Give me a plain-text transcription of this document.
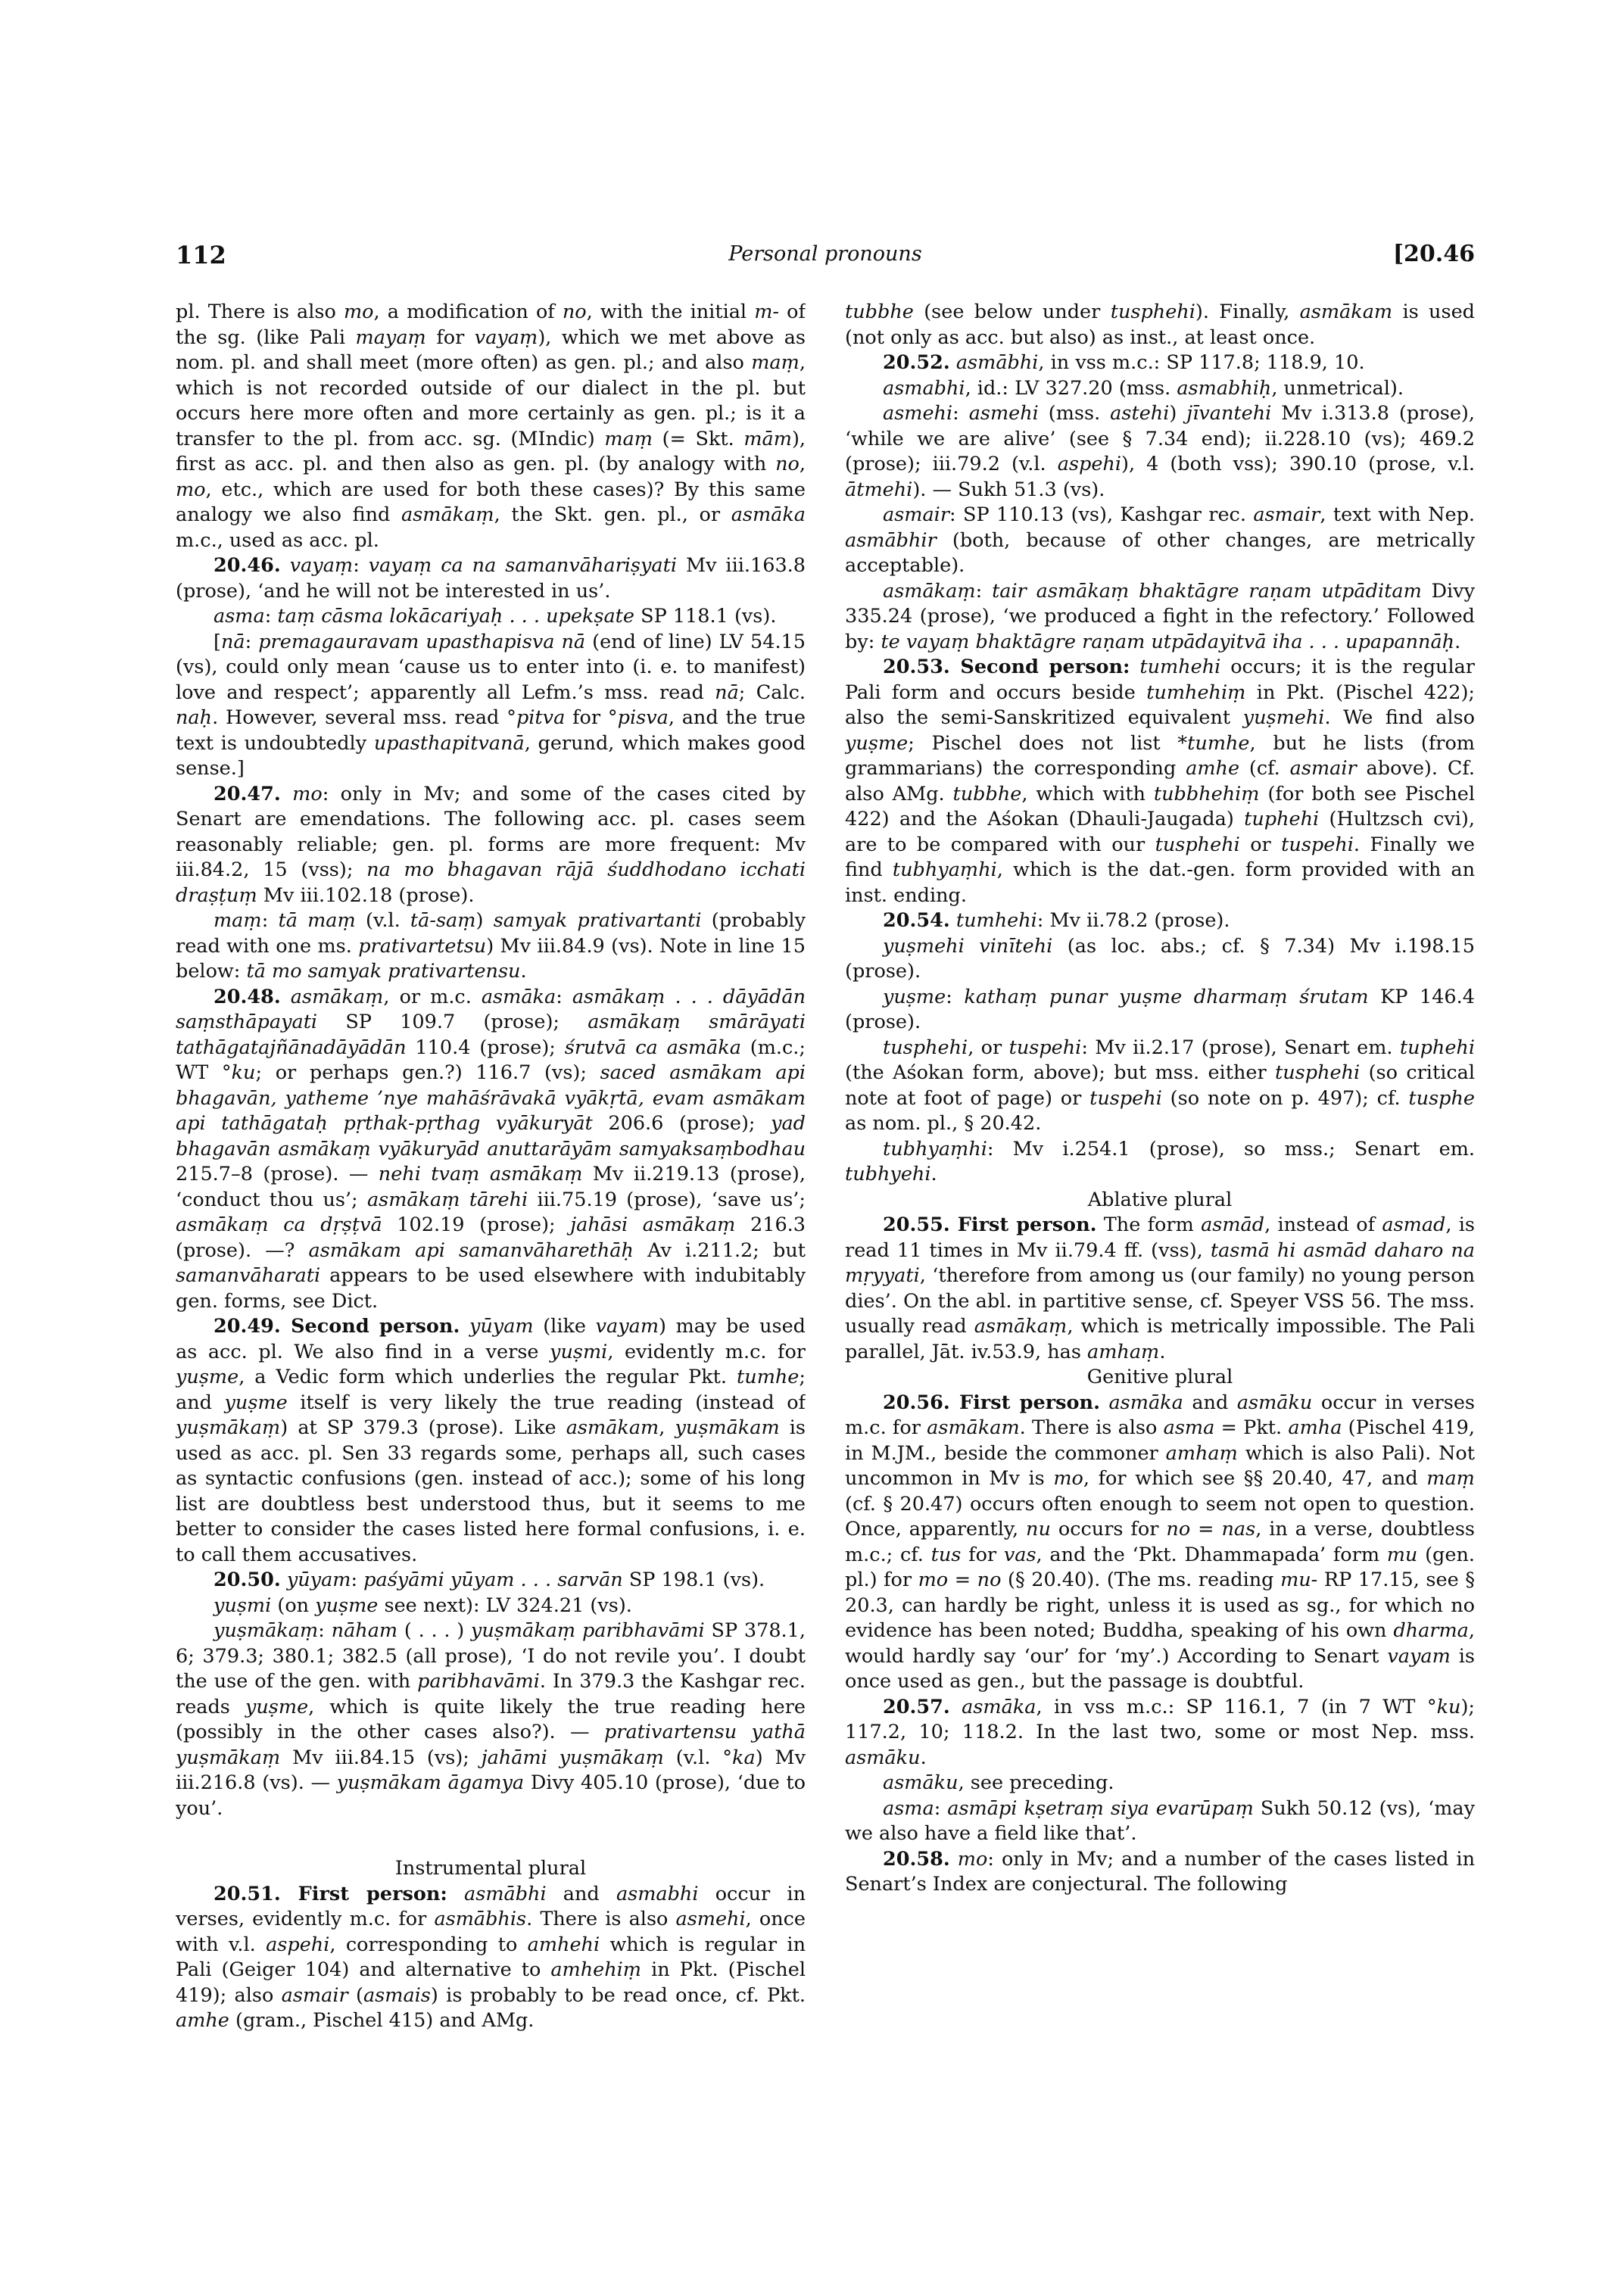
112	Personal pronouns	[20.46

pl. There is also mo, a modification of no, with the initial m- of the sg. (like Pali mayaṃ for vayaṃ), which we met above as nom. pl. and shall meet (more often) as gen. pl.; and also maṃ, which is not recorded outside of our dialect in the pl. but occurs here more often and more certainly as gen. pl.; is it a transfer to the pl. from acc. sg. (MIndic) maṃ (= Skt. mām), first as acc. pl. and then also as gen. pl. (by analogy with no, mo, etc., which are used for both these cases)? By this same analogy we also find asmākaṃ, the Skt. gen. pl., or asmāka m.c., used as acc. pl.

20.46. vayaṃ: vayaṃ ca na samanvāhariṣyati Mv iii.163.8 (prose), ‘and he will not be interested in us’.

asma: taṃ cāsma lokācariyaḥ . . . upekṣate SP 118.1 (vs).

[nā: premagauravam upasthapisva nā (end of line) LV 54.15 (vs), could only mean ‘cause us to enter into (i. e. to manifest) love and respect’; apparently all Lefm.’s mss. read nā; Calc. naḥ. However, several mss. read °pitva for °pisva, and the true text is undoubtedly upasthapitvanā, gerund, which makes good sense.]

20.47. mo: only in Mv; and some of the cases cited by Senart are emendations. The following acc. pl. cases seem reasonably reliable; gen. pl. forms are more frequent: Mv iii.84.2, 15 (vss); na mo bhagavan rājā śuddhodano icchati draṣṭuṃ Mv iii.102.18 (prose).

maṃ: tā maṃ (v.l. tā-saṃ) samyak prativartanti (probably read with one ms. prativartetsu) Mv iii.84.9 (vs). Note in line 15 below: tā mo samyak prativartensu.

20.48. asmākaṃ, or m.c. asmāka: asmākaṃ . . . dāyādān saṃsthāpayati SP 109.7 (prose); asmākaṃ smārāyati tathāgatajñānadāyādān 110.4 (prose); śrutvā ca asmāka (m.c.; WT °ku; or perhaps gen.?) 116.7 (vs); saced asmākam api bhagavān, yatheme ’nye mahāśrāvakā vyākṛtā, evam asmākam api tathāgataḥ pṛthak-pṛthag vyākuryāt 206.6 (prose); yad bhagavān asmākaṃ vyākuryād anuttarāyām samyaksaṃbodhau 215.7–8 (prose). — nehi tvaṃ asmākaṃ Mv ii.219.13 (prose), ‘conduct thou us’; asmākaṃ tārehi iii.75.19 (prose), ‘save us’; asmākaṃ ca dṛṣṭvā 102.19 (prose); jahāsi asmākaṃ 216.3 (prose). —? asmākam api samanvāharethāḥ Av i.211.2; but samanvāharati appears to be used elsewhere with indubitably gen. forms, see Dict.

20.49. Second person. yūyam (like vayam) may be used as acc. pl. We also find in a verse yuṣmi, evidently m.c. for yuṣme, a Vedic form which underlies the regular Pkt. tumhe; and yuṣme itself is very likely the true reading (instead of yuṣmākaṃ) at SP 379.3 (prose). Like asmākam, yuṣmākam is used as acc. pl. Sen 33 regards some, perhaps all, such cases as syntactic confusions (gen. instead of acc.); some of his long list are doubtless best understood thus, but it seems to me better to consider the cases listed here formal confusions, i. e. to call them accusatives.

20.50. yūyam: paśyāmi yūyam . . . sarvān SP 198.1 (vs).

yuṣmi (on yuṣme see next): LV 324.21 (vs).

yuṣmākaṃ: nāham ( . . . ) yuṣmākaṃ paribhavāmi SP 378.1, 6; 379.3; 380.1; 382.5 (all prose), ‘I do not revile you’. I doubt the use of the gen. with paribhavāmi. In 379.3 the Kashgar rec. reads yuṣme, which is quite likely the true reading here (possibly in the other cases also?). — prativartensu yathā yuṣmākaṃ Mv iii.84.15 (vs); jahāmi yuṣmākaṃ (v.l. °ka) Mv iii.216.8 (vs). — yuṣmākam āgamya Divy 405.10 (prose), ‘due to you’.

Instrumental plural

20.51. First person: asmābhi and asmabhi occur in verses, evidently m.c. for asmābhis. There is also asmehi, once with v.l. aspehi, corresponding to amhehi which is regular in Pali (Geiger 104) and alternative to amhehiṃ in Pkt. (Pischel 419); also asmair (asmais) is probably to be read once, cf. Pkt. amhe (gram., Pischel 415) and AMg.

tubbhe (see below under tusphehi). Finally, asmākam is used (not only as acc. but also) as inst., at least once.

20.52. asmābhi, in vss m.c.: SP 117.8; 118.9, 10.

asmabhi, id.: LV 327.20 (mss. asmabhiḥ, unmetrical).

asmehi: asmehi (mss. astehi) jīvantehi Mv i.313.8 (prose), ‘while we are alive’ (see § 7.34 end); ii.228.10 (vs); 469.2 (prose); iii.79.2 (v.l. aspehi), 4 (both vss); 390.10 (prose, v.l. ātmehi). — Sukh 51.3 (vs).

asmair: SP 110.13 (vs), Kashgar rec. asmair, text with Nep. asmābhir (both, because of other changes, are metrically acceptable).

asmākaṃ: tair asmākaṃ bhaktāgre raṇam utpāditam Divy 335.24 (prose), ‘we produced a fight in the refectory.’ Followed by: te vayaṃ bhaktāgre raṇam utpādayitvā iha . . . upapannāḥ.

20.53. Second person: tumhehi occurs; it is the regular Pali form and occurs beside tumhehiṃ in Pkt. (Pischel 422); also the semi-Sanskritized equivalent yuṣmehi. We find also yuṣme; Pischel does not list *tumhe, but he lists (from grammarians) the corresponding amhe (cf. asmair above). Cf. also AMg. tubbhe, which with tubbhehiṃ (for both see Pischel 422) and the Aśokan (Dhauli-Jaugada) tuphehi (Hultzsch cvi), are to be compared with our tusphehi or tuspehi. Finally we find tubhyaṃhi, which is the dat.-gen. form provided with an inst. ending.

20.54. tumhehi: Mv ii.78.2 (prose).

yuṣmehi vinītehi (as loc. abs.; cf. § 7.34) Mv i.198.15 (prose).

yuṣme: kathaṃ punar yuṣme dharmaṃ śrutam KP 146.4 (prose).

tusphehi, or tuspehi: Mv ii.2.17 (prose), Senart em. tuphehi (the Aśokan form, above); but mss. either tusphehi (so critical note at foot of page) or tuspehi (so note on p. 497); cf. tusphe as nom. pl., § 20.42.

tubhyaṃhi: Mv i.254.1 (prose), so mss.; Senart em. tubhyehi.

Ablative plural

20.55. First person. The form asmād, instead of asmad, is read 11 times in Mv ii.79.4 ff. (vss), tasmā hi asmād daharo na mṛyyati, ‘therefore from among us (our family) no young person dies’. On the abl. in partitive sense, cf. Speyer VSS 56. The mss. usually read asmākaṃ, which is metrically impossible. The Pali parallel, Jāt. iv.53.9, has amhaṃ.

Genitive plural

20.56. First person. asmāka and asmāku occur in verses m.c. for asmākam. There is also asma = Pkt. amha (Pischel 419, in M.JM., beside the commoner amhaṃ which is also Pali). Not uncommon in Mv is mo, for which see §§ 20.40, 47, and maṃ (cf. § 20.47) occurs often enough to seem not open to question. Once, apparently, nu occurs for no = nas, in a verse, doubtless m.c.; cf. tus for vas, and the ‘Pkt. Dhammapada’ form mu (gen. pl.) for mo = no (§ 20.40). (The ms. reading mu- RP 17.15, see § 20.3, can hardly be right, unless it is used as sg., for which no evidence has been noted; Buddha, speaking of his own dharma, would hardly say ‘our’ for ‘my’.) According to Senart vayam is once used as gen., but the passage is doubtful.

20.57. asmāka, in vss m.c.: SP 116.1, 7 (in 7 WT °ku); 117.2, 10; 118.2. In the last two, some or most Nep. mss. asmāku.

asmāku, see preceding.

asma: asmāpi kṣetraṃ siya evarūpaṃ Sukh 50.12 (vs), ‘may we also have a field like that’.

20.58. mo: only in Mv; and a number of the cases listed in Senart’s Index are conjectural. The following
